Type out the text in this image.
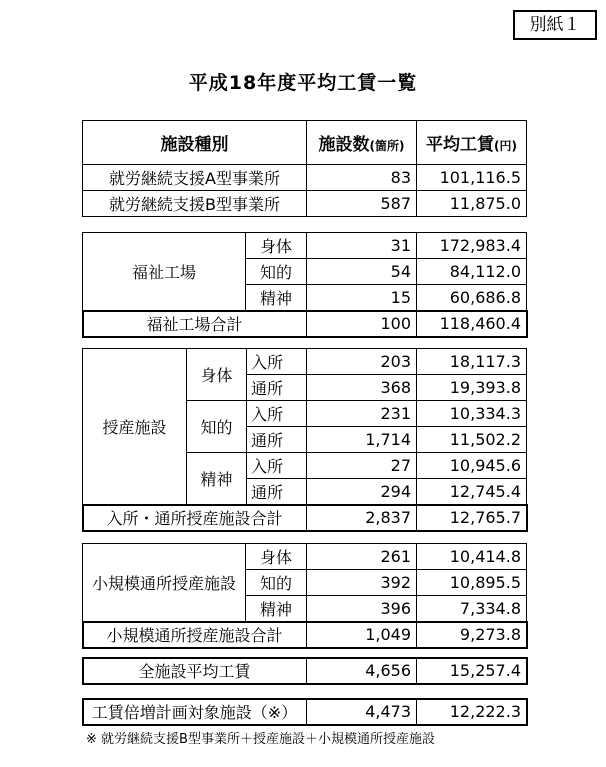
別紙１
平成18年度平均工賃一覧
施設種別	施設数(箇所)	平均工賃(円)
就労継続支援A型事業所	83	101,116.5
就労継続支援B型事業所	587	11,875.0
福祉工場	身体	31	172,983.4
	知的	54	84,112.0
	精神	15	60,686.8
福祉工場合計		100	118,460.4
授産施設	身体	入所	203	18,117.3
		通所	368	19,393.8
	知的	入所	231	10,334.3
		通所	1,714	11,502.2
	精神	入所	27	10,945.6
		通所	294	12,745.4
入所・通所授産施設合計			2,837	12,765.7
小規模通所授産施設	身体	261	10,414.8
	知的	392	10,895.5
	精神	396	7,334.8
小規模通所授産施設合計		1,049	9,273.8
全施設平均工賃	4,656	15,257.4
工賃倍増計画対象施設（※）	4,473	12,222.3
※ 就労継続支援B型事業所＋授産施設＋小規模通所授産施設
